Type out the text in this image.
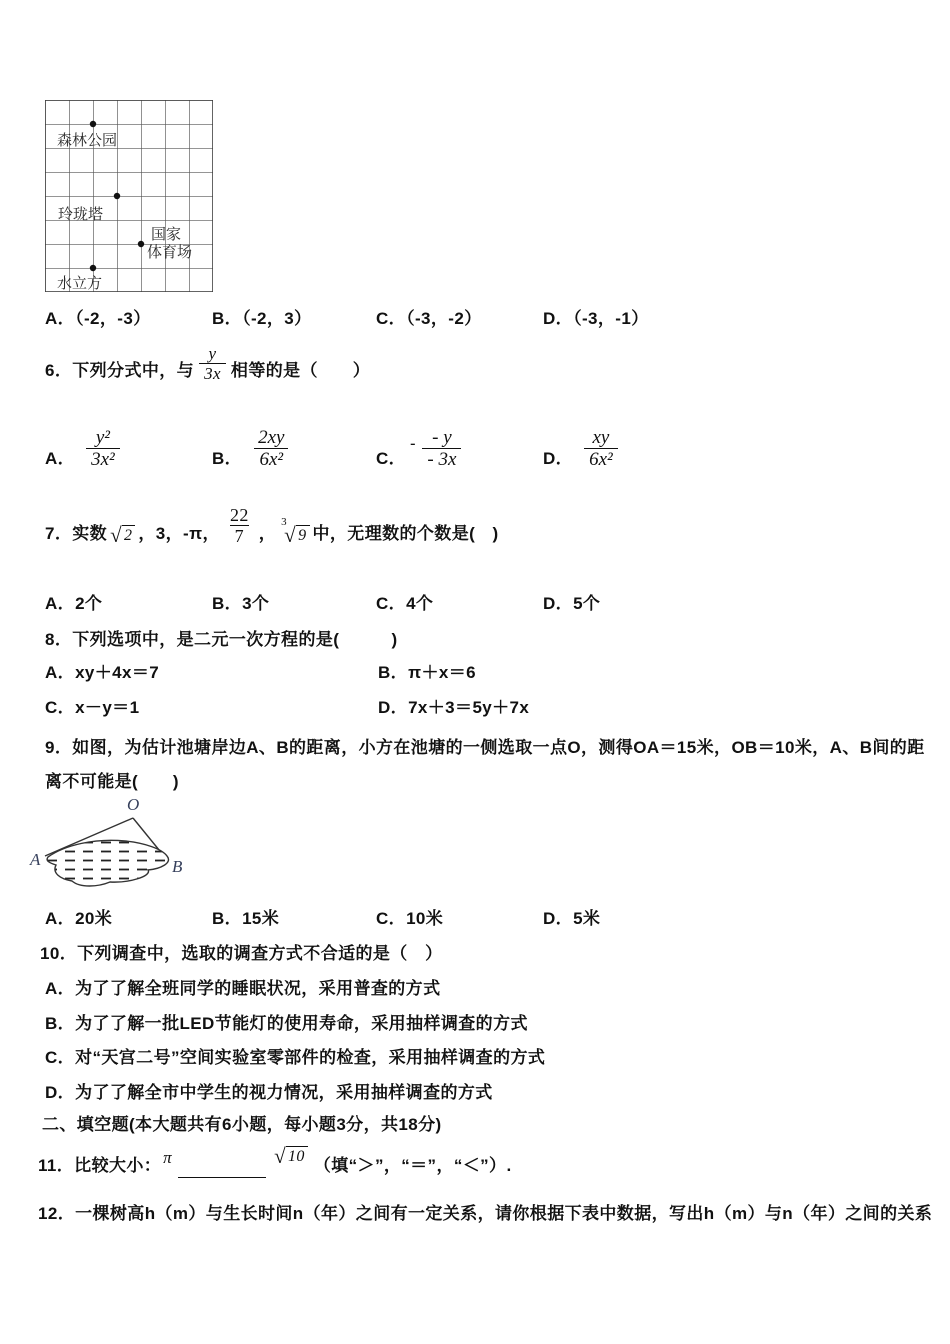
森林公园
玲珑塔
国家
体育场
水立方
A．（-2，-3）	B．（-2，3）	C．（-3，-2）	D．（-3，-1）
6．下列分式中，与 $\frac{y}{3x}$ 相等的是（　　）
A． $\frac{\text{y²}}{\text{3x²}}$	B． $\frac{2xy}{\text{6x²}}$	C．
- $\frac{- y}{- 3x}$	D． $\frac{xy}{\text{6x²}}$
7．实数 √ 2 ，3，-π， $\frac{22}{7}$ ，
3
√ 9 中，无理数的个数是(　)
A．2个	B．3个	C．4个	D．5个
8．下列选项中，是二元一次方程的是(　　　)
A．xy＋4x＝7	B．π＋x＝6
C．x－y＝1	D．7x＋3＝5y＋7x
9．如图，为估计池塘岸边A、B的距离，小方在池塘的一侧选取一点O，测得OA＝15米，OB＝10米，A、B间的距离不可能是(　　)
O
A	B
A．20米	B．15米	C．10米	D．5米
10．下列调查中，选取的调查方式不合适的是（　）
A．为了了解全班同学的睡眠状况，采用普查的方式
B．为了了解一批LED节能灯的使用寿命，采用抽样调查的方式
C．对“天宫二号”空间实验室零部件的检查，采用抽样调查的方式
D．为了了解全市中学生的视力情况，采用抽样调查的方式
二、填空题(本大题共有6小题，每小题3分，共18分)
11．比较大小： π	√ 10 （填“＞”，“＝”，“＜”）.
12．一棵树高h（m）与生长时间n（年）之间有一定关系，请你根据下表中数据，写出h（m）与n（年）之间的关系
